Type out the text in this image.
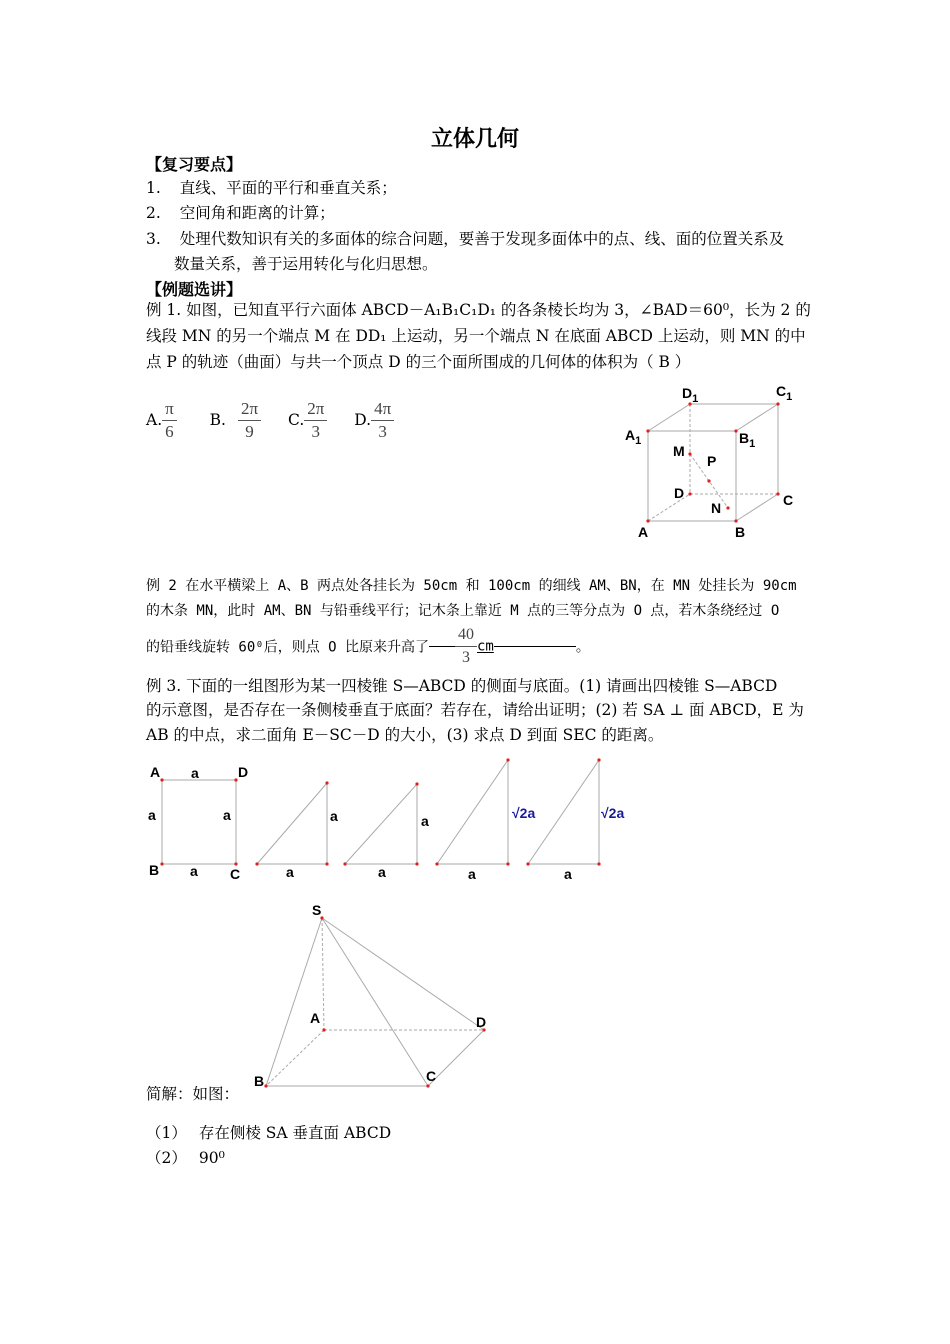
立体几何
【复习要点】
1. 直线、平面的平行和垂直关系；
2. 空间角和距离的计算；
3. 处理代数知识有关的多面体的综合问题，要善于发现多面体中的点、线、面的位置关系及
数量关系，善于运用转化与化归思想。
【例题选讲】
例 1. 如图，已知直平行六面体 ABCD－A₁B₁C₁D₁ 的各条棱长均为 3，∠BAD＝60⁰，长为 2 的
线段 MN 的另一个端点 M 在 DD₁ 上运动，另一个端点 N 在底面 ABCD 上运动，则 MN 的中
点 P 的轨迹（曲面）与共一个顶点 D 的三个面所围成的几何体的体积为（ B ）
A. $\frac{\pi}{6} B$. $\frac{2\pi}{9} C$. $\frac{2\pi}{3} D$. $\frac{4\pi}{3}$
$D_1$	$C_1$
$A_1$	$B_1$
M
P
D
N	C
A	B
例 2 在水平横梁上 A、B 两点处各挂长为 50cm 和 100cm 的细线 AM、BN，在 MN 处挂长为 90cm
的木条 MN，此时 AM、BN 与铅垂线平行；记木条上靠近 M 点的三等分点为 O 点，若木条绕经过 O
的铅垂线旋转 60⁰后，则点 O 比原来升高了 $\frac{40}{3}$ cm	。
例 3. 下面的一组图形为某一四棱锥 S—ABCD 的侧面与底面。(1) 请画出四棱锥 S—ABCD
的示意图，是否存在一条侧棱垂直于底面？若存在，请给出证明；(2) 若 SA ⊥ 面 ABCD，E 为
AB 的中点，求二面角 E－SC－D 的大小，(3) 求点 D 到面 SEC 的距离。
A a	D
a	a
B a C
a
a
a
a
√2a
a
√2a
a
S
A	D
C
B
简解：如图：
（1） 存在侧棱 SA 垂直面 ABCD
（2） 90⁰
